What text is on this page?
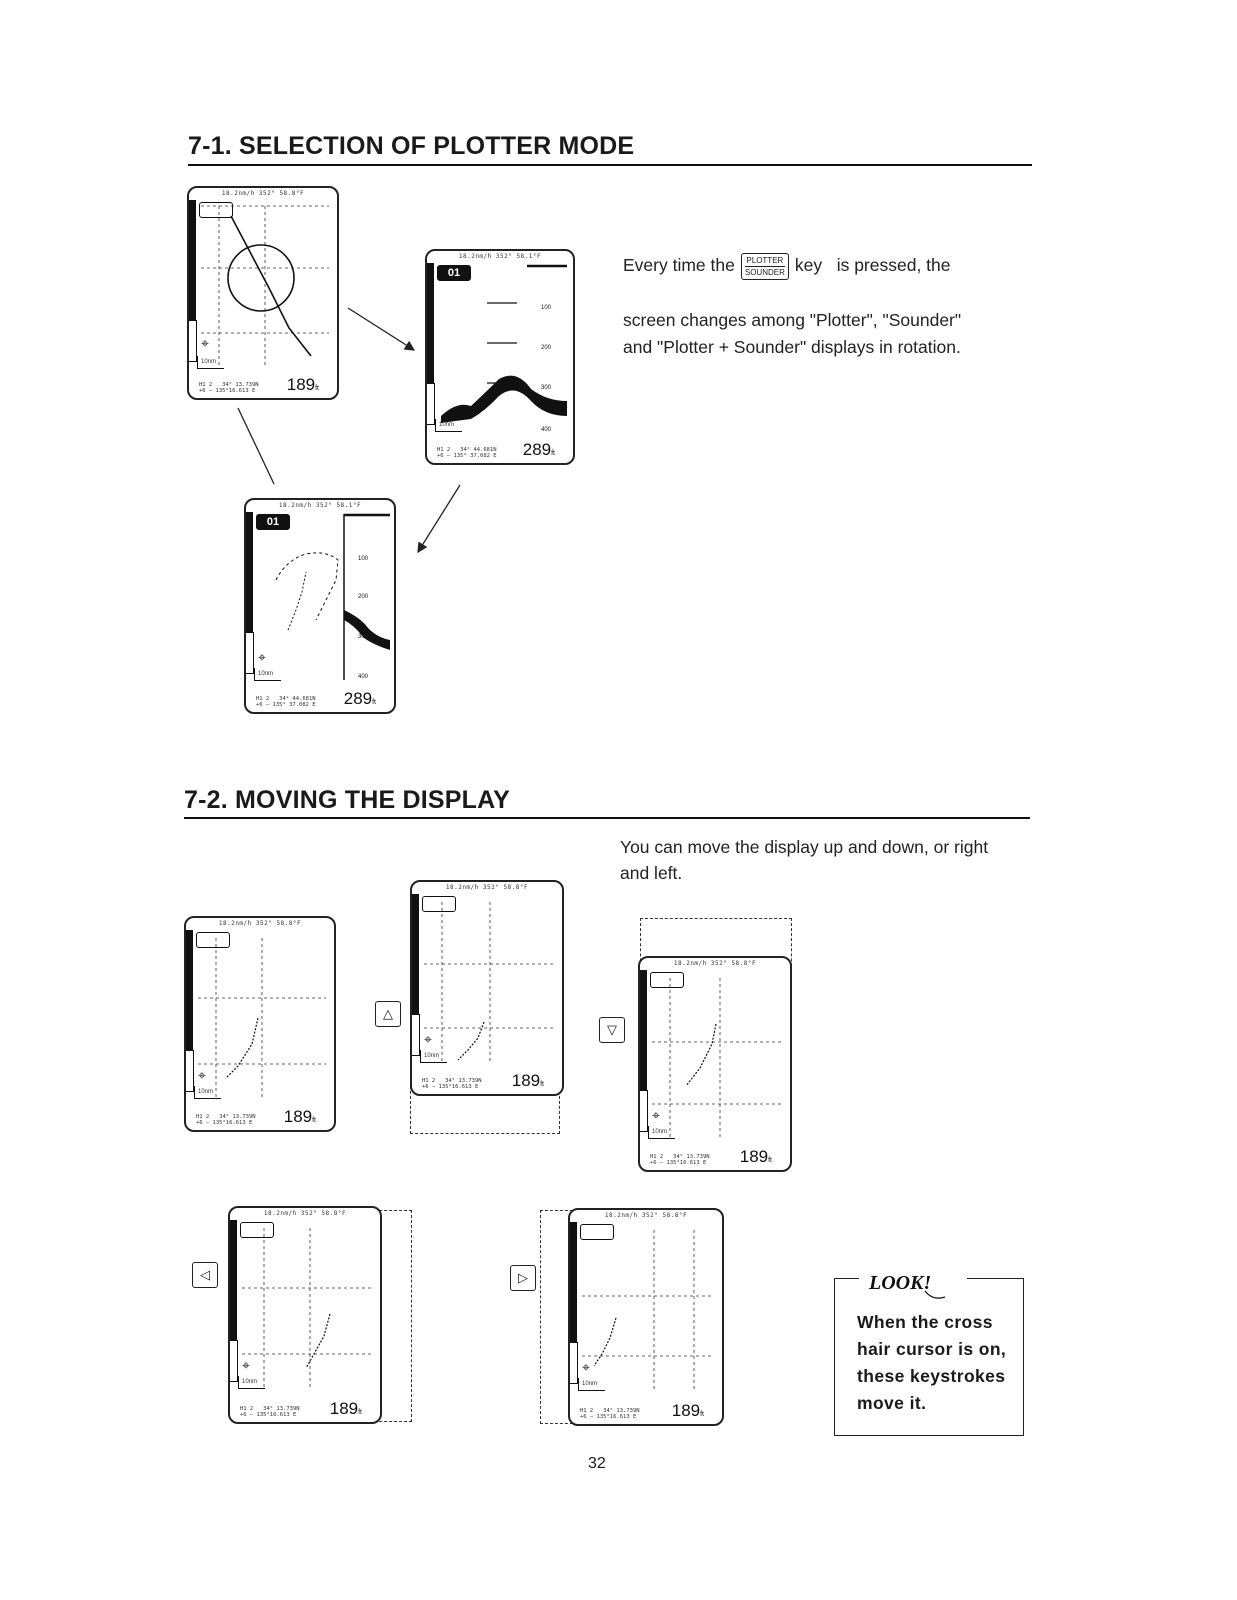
7-1. SELECTION OF PLOTTER MODE
18.2nm/h 352° 58.8°F
⌖
10nm
H1 2   34° 13.739N
+6 — 135°16.613 E 189ft
18.2nm/h 352° 58.1°F
01
100
200
300
400
10nm
H1 2   34° 44.681N
+6 — 135° 37.082 E 289ft
18.2nm/h 352° 58.1°F
01
100
200
300
400
⌖
10nm
H1 2   34° 44.681N
+6 — 135° 37.082 E 289ft
Every time the PLOTTER
SOUNDER key is pressed, the
screen changes among "Plotter", "Sounder"
and "Plotter + Sounder" displays in rotation.
7-2. MOVING THE DISPLAY
You can move the display up and down, or right
and left.
18.2nm/h 352° 58.8°F
⌖
10nm
H1 2   34° 13.739N
+6 — 135°16.613 E 189ft
△
18.2nm/h 352° 58.8°F
⌖
10nm
H1 2   34° 13.739N
+6 — 135°16.613 E 189ft
▽
18.2nm/h 352° 58.8°F
⌖
10nm
H1 2   34° 13.739N
+6 — 135°16.613 E 189ft
◁
18.2nm/h 352° 58.8°F
⌖
10nm
H1 2   34° 13.739N
+6 — 135°16.613 E 189ft
▷
18.2nm/h 352° 58.8°F
⌖
10nm
H1 2   34° 13.739N
+6 — 135°16.613 E 189ft
LOOK!
When the cross hair cursor is on, these keystrokes move it.
32
